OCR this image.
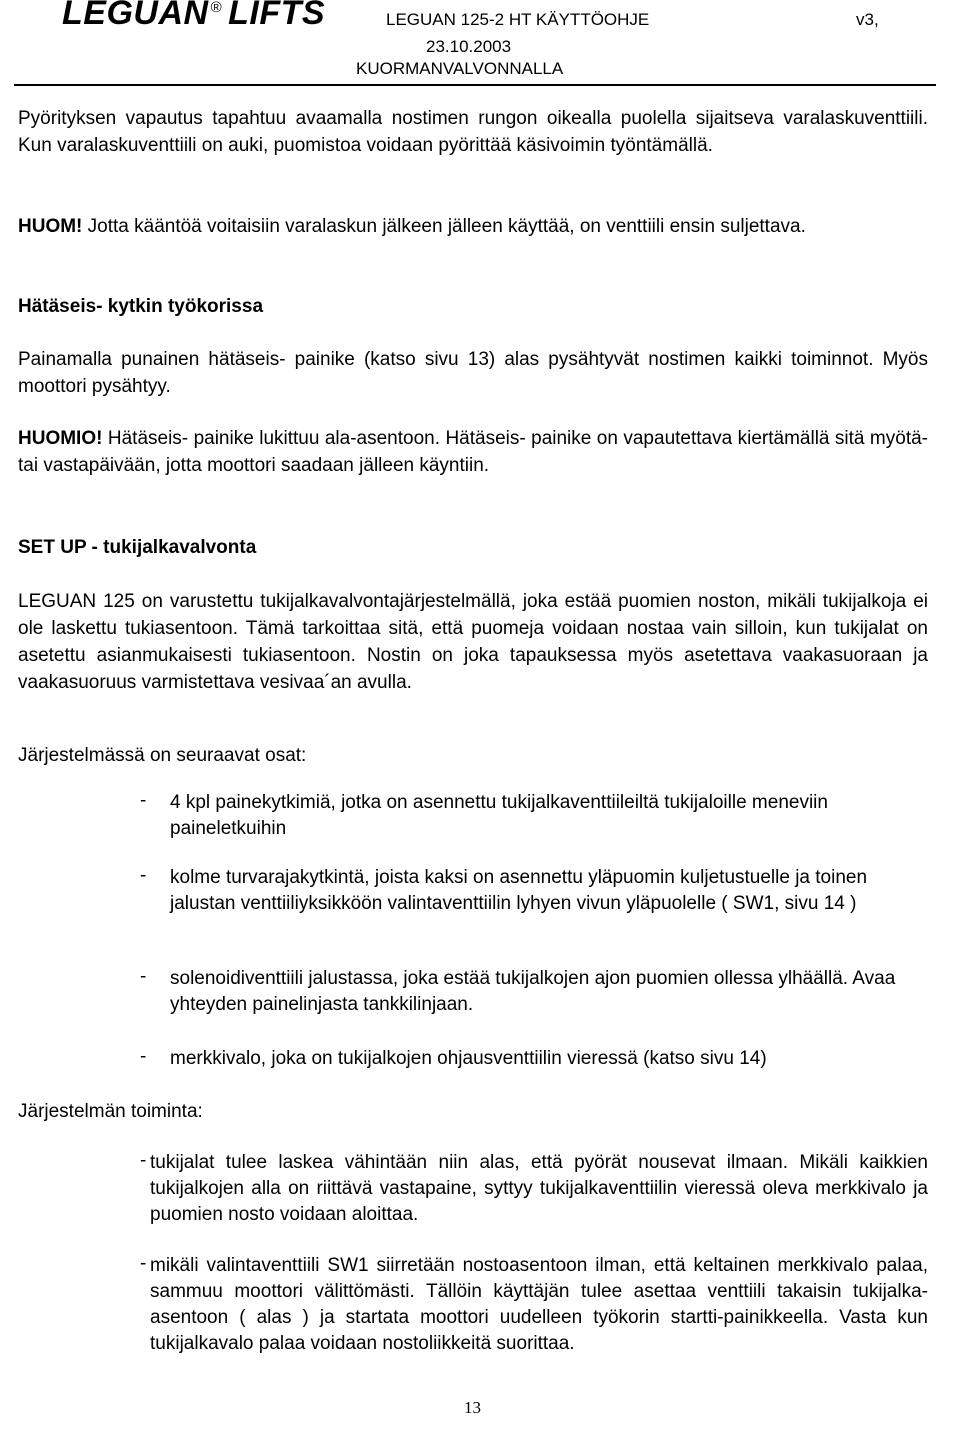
LEGUAN ® LIFTS	LEGUAN 125-2 HT KÄYTTÖOHJE	v3,
23.10.2003
KUORMANVALVONNALLA

Pyörityksen vapautus tapahtuu avaamalla nostimen rungon oikealla puolella sijaitseva varalaskuventtiili. Kun varalaskuventtiili on auki, puomistoa voidaan pyörittää käsivoimin työntämällä.

HUOM! Jotta kääntöä voitaisiin varalaskun jälkeen jälleen käyttää, on venttiili ensin suljettava.

Hätäseis- kytkin työkorissa

Painamalla punainen hätäseis- painike (katso sivu 13) alas pysähtyvät nostimen kaikki toiminnot. Myös moottori pysähtyy.

HUOMIO! Hätäseis- painike lukittuu ala-asentoon. Hätäseis- painike on vapautettava kiertämällä sitä myötä- tai vastapäivään, jotta moottori saadaan jälleen käyntiin.

SET UP - tukijalkavalvonta

LEGUAN 125 on varustettu tukijalkavalvontajärjestelmällä, joka estää puomien noston, mikäli tukijalkoja ei ole laskettu tukiasentoon. Tämä tarkoittaa sitä, että puomeja voidaan nostaa vain silloin, kun tukijalat on asetettu asianmukaisesti tukiasentoon. Nostin on joka tapauksessa myös asetettava vaakasuoraan ja vaakasuoruus varmistettava vesivaa´an avulla.

Järjestelmässä on seuraavat osat:

- 4 kpl painekytkimiä, jotka on asennettu tukijalkaventtiileiltä tukijaloille meneviin paineletkuihin
- kolme turvarajakytkintä, joista kaksi on asennettu yläpuomin kuljetustuelle ja toinen jalustan venttiiliyksikköön valintaventtiilin lyhyen vivun yläpuolelle ( SW1, sivu 14 )
- solenoidiventtiili jalustassa, joka estää tukijalkojen ajon puomien ollessa ylhäällä. Avaa yhteyden painelinjasta tankkilinjaan.
- merkkivalo, joka on tukijalkojen ohjausventtiilin vieressä (katso sivu 14)

Järjestelmän toiminta:

- tukijalat tulee laskea vähintään niin alas, että pyörät nousevat ilmaan. Mikäli kaikkien tukijalkojen alla on riittävä vastapaine, syttyy tukijalkaventtiilin vieressä oleva merkkivalo ja puomien nosto voidaan aloittaa.
- mikäli valintaventtiili SW1 siirretään nostoasentoon ilman, että keltainen merkkivalo palaa, sammuu moottori välittömästi. Tällöin käyttäjän tulee asettaa venttiili takaisin tukijalka-asentoon ( alas ) ja startata moottori uudelleen työkorin startti-painikkeella. Vasta kun tukijalkavalo palaa voidaan nostoliikkeitä suorittaa.
13
